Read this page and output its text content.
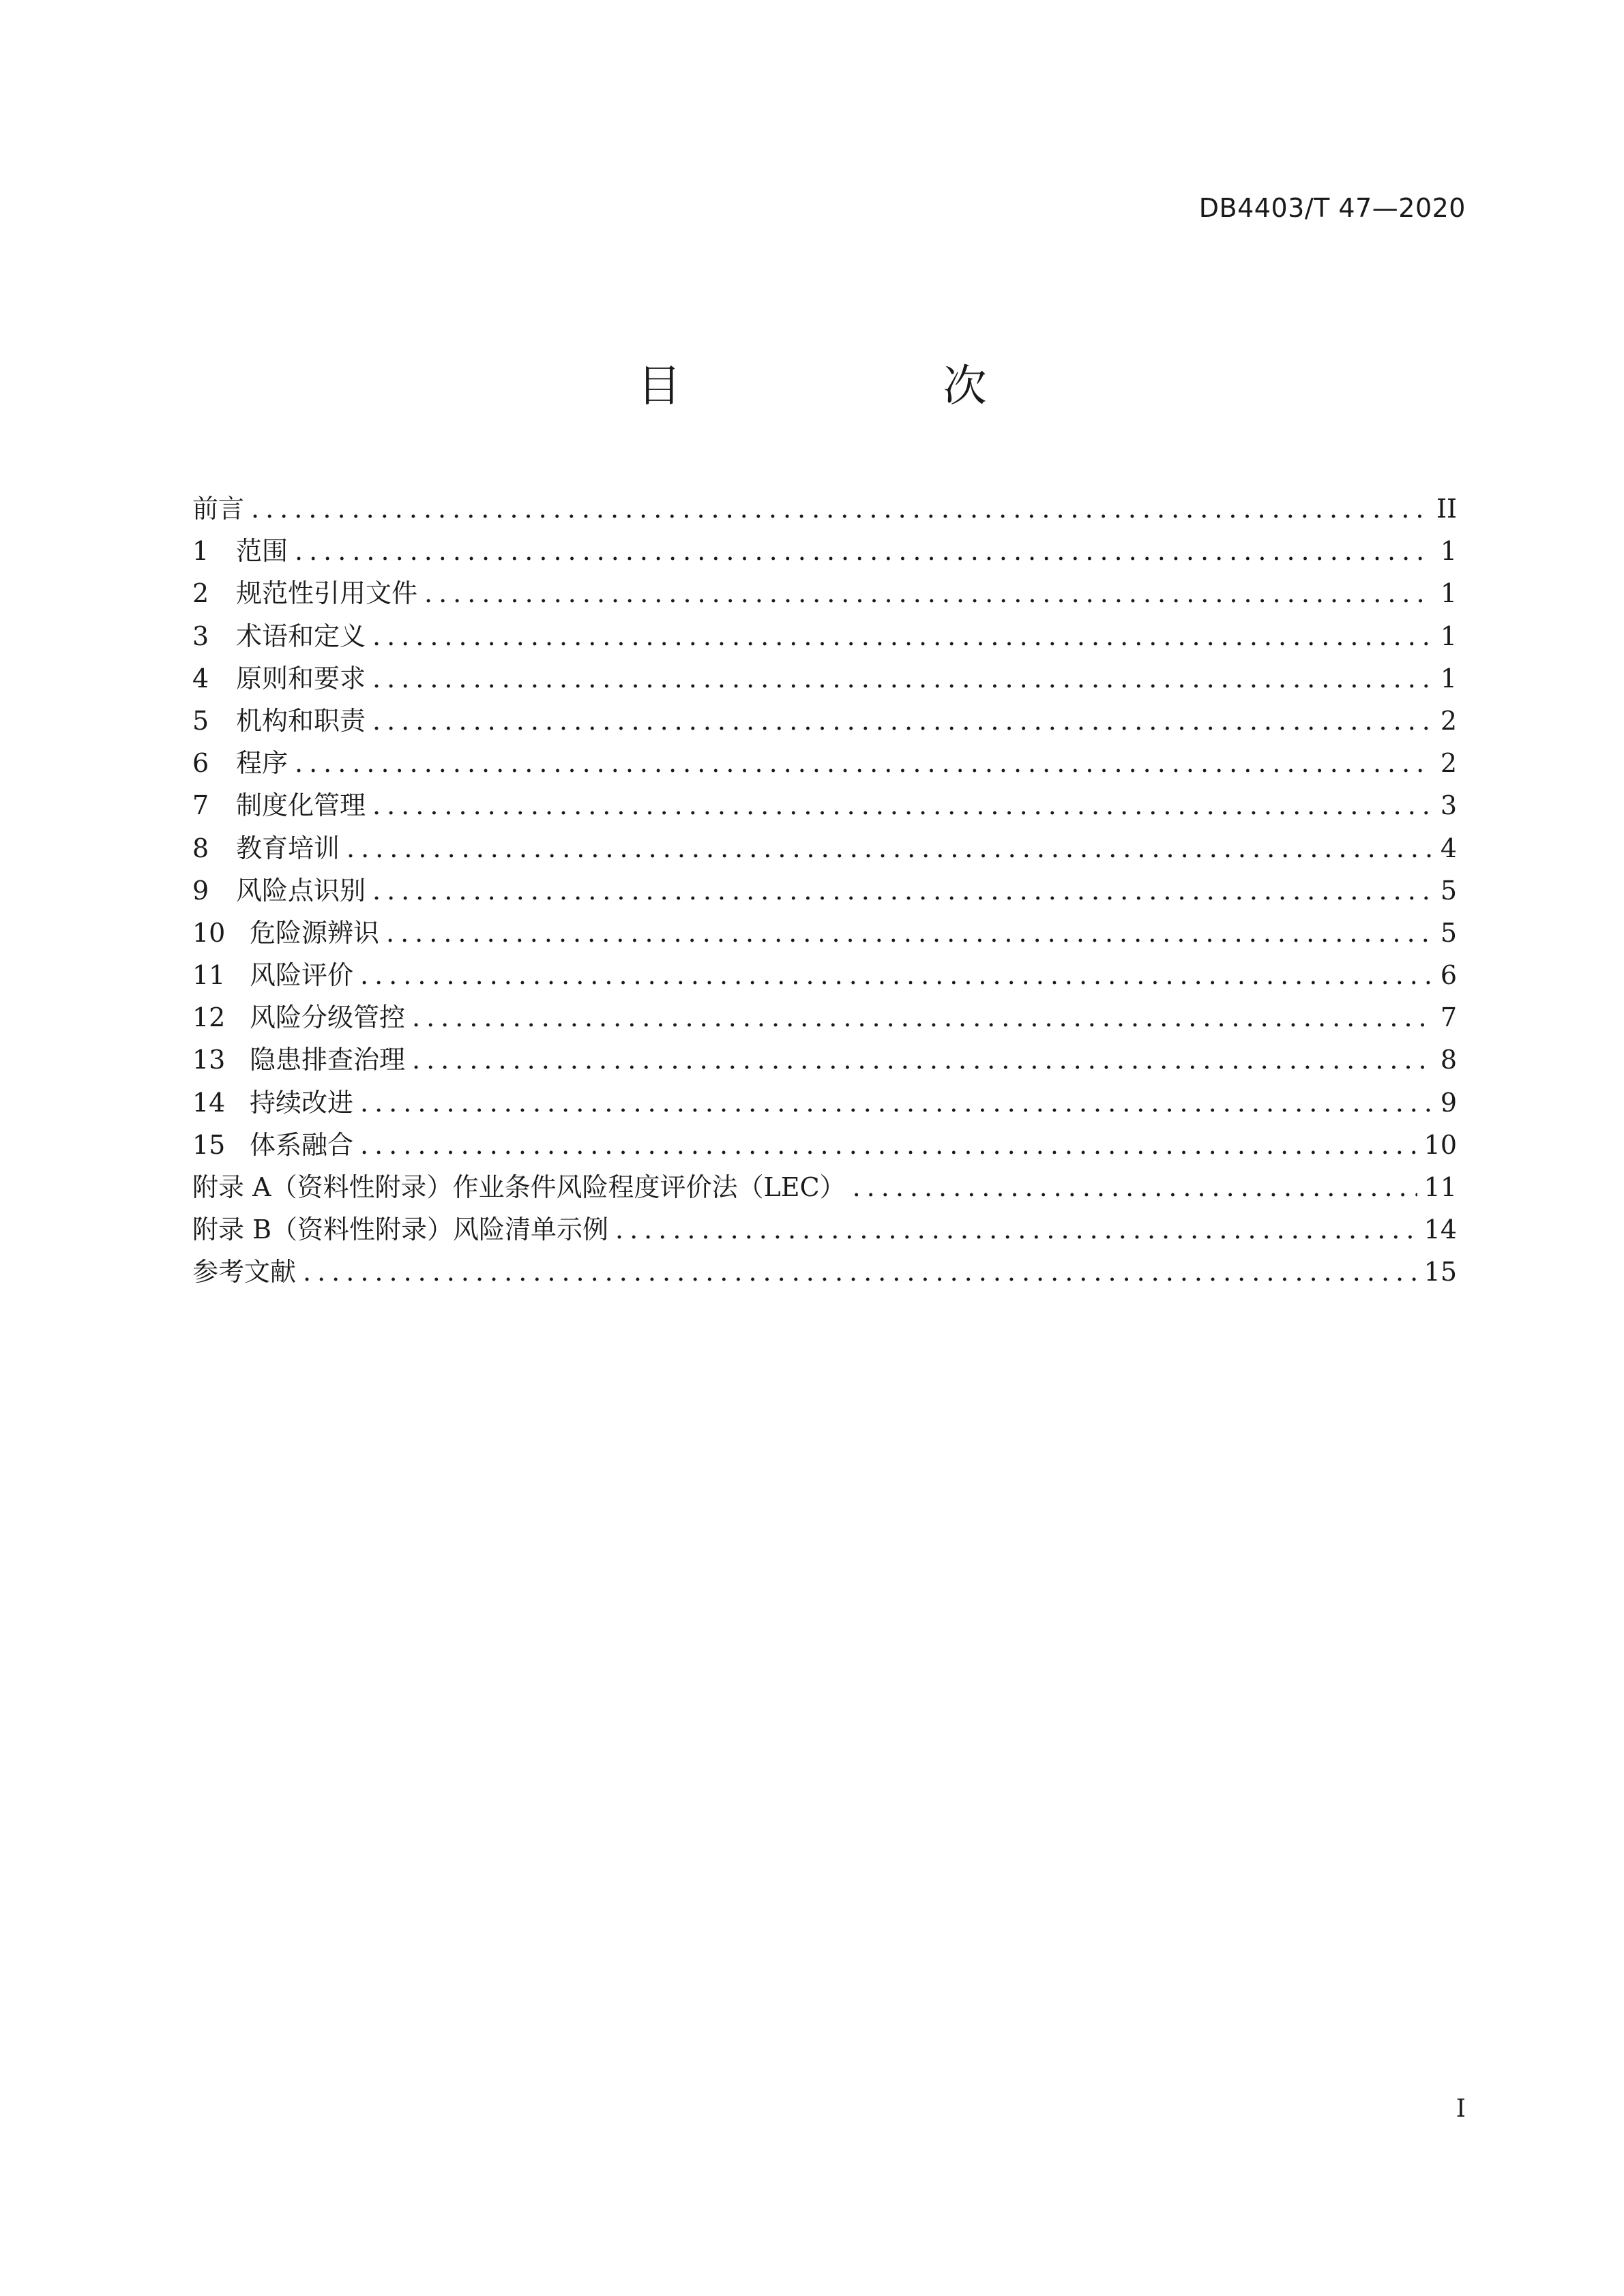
DB4403/T 47—2020
目　次
前言 .....	II
1	范围 .....	1
2	规范性引用文件 .....	1
3	术语和定义 .....	1
4	原则和要求 .....	1
5	机构和职责 .....	2
6	程序 .....	2
7	制度化管理 .....	3
8	教育培训 .....	4
9	风险点识别 .....	5
10 危险源辨识 .....	5
11 风险评价 .....	6
12 风险分级管控 .....	7
13 隐患排查治理 .....	8
14 持续改进 .....	9
15 体系融合 .....	10
附录 A（资料性附录）作业条件风险程度评价法（LEC） .....	11
附录 B（资料性附录）风险清单示例 .....	14
参考文献 .....	15
I
